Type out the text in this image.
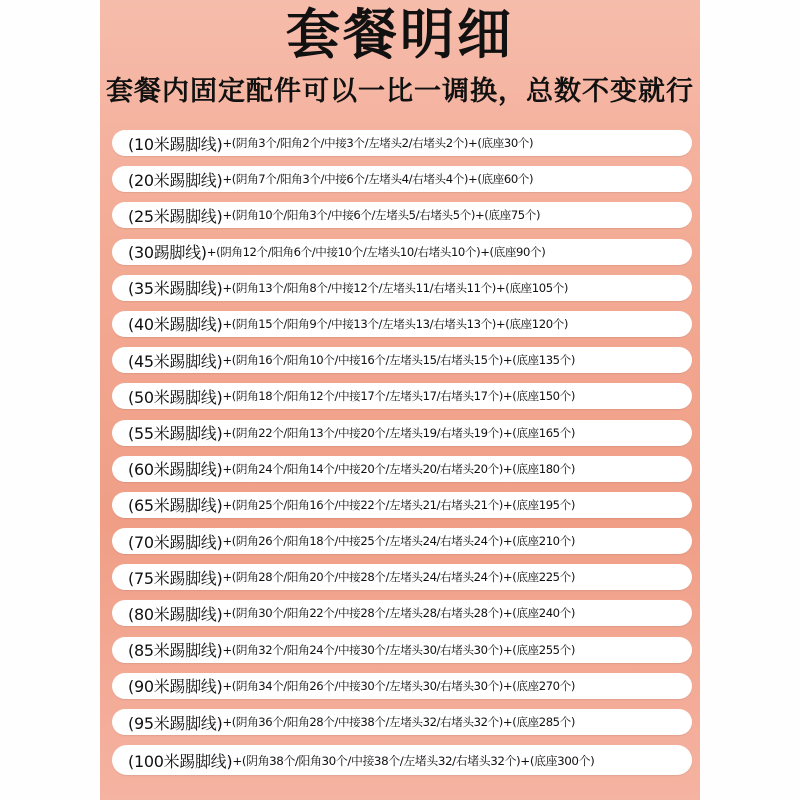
套餐明细
套餐内固定配件可以一比一调换，总数不变就行
(10米踢脚线) +(阴角3个/阳角2个/中接3个/左堵头2/右堵头2个)+(底座30个)
(20米踢脚线) +(阴角7个/阳角3个/中接6个/左堵头4/右堵头4个)+(底座60个)
(25米踢脚线) +(阴角10个/阳角3个/中接6个/左堵头5/右堵头5个)+(底座75个)
(30踢脚线) +(阴角12个/阳角6个/中接10个/左堵头10/右堵头10个)+(底座90个)
(35米踢脚线) +(阴角13个/阳角8个/中接12个/左堵头11/右堵头11个)+(底座105个)
(40米踢脚线) +(阴角15个/阳角9个/中接13个/左堵头13/右堵头13个)+(底座120个)
(45米踢脚线) +(阴角16个/阳角10个/中接16个/左堵头15/右堵头15个)+(底座135个)
(50米踢脚线) +(阴角18个/阳角12个/中接17个/左堵头17/右堵头17个)+(底座150个)
(55米踢脚线) +(阴角22个/阳角13个/中接20个/左堵头19/右堵头19个)+(底座165个)
(60米踢脚线) +(阴角24个/阳角14个/中接20个/左堵头20/右堵头20个)+(底座180个)
(65米踢脚线) +(阴角25个/阳角16个/中接22个/左堵头21/右堵头21个)+(底座195个)
(70米踢脚线) +(阴角26个/阳角18个/中接25个/左堵头24/右堵头24个)+(底座210个)
(75米踢脚线) +(阴角28个/阳角20个/中接28个/左堵头24/右堵头24个)+(底座225个)
(80米踢脚线) +(阴角30个/阳角22个/中接28个/左堵头28/右堵头28个)+(底座240个)
(85米踢脚线) +(阴角32个/阳角24个/中接30个/左堵头30/右堵头30个)+(底座255个)
(90米踢脚线) +(阴角34个/阳角26个/中接30个/左堵头30/右堵头30个)+(底座270个)
(95米踢脚线) +(阴角36个/阳角28个/中接38个/左堵头32/右堵头32个)+(底座285个)
(100米踢脚线) +(阴角38个/阳角30个/中接38个/左堵头32/右堵头32个)+(底座300个)
